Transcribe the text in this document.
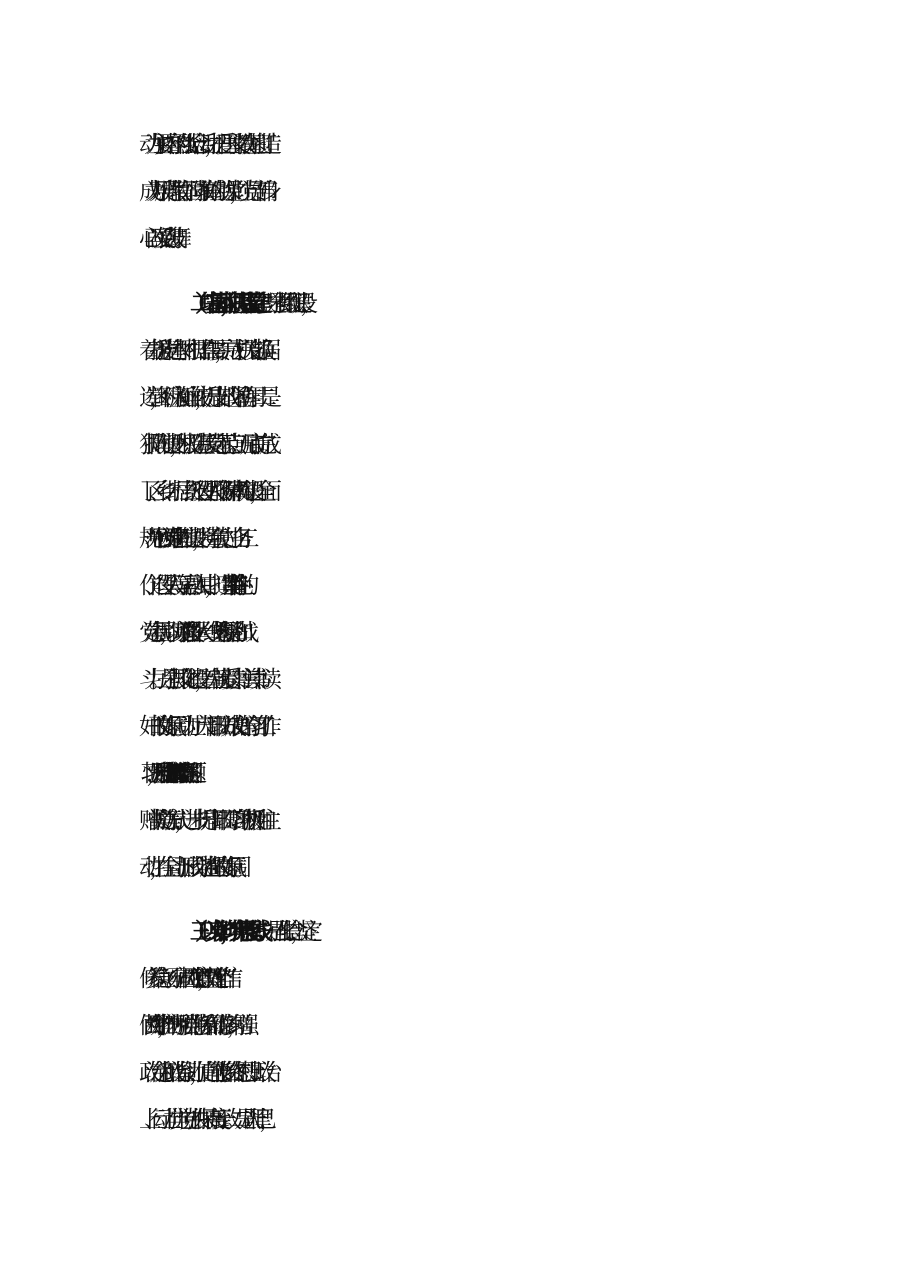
动为主要内容的烈士纪念活动，把爱国主义教育基地打造
成为开展党性教育、国防教育的生动课堂，让党员干部身
心再次受到鼓舞。
（二）培基固本，狠抓基层党建。一是狠抓组织建设，
着力提升党建水平。根据工作需要，完成了机关支部换届
选举，不断注入新鲜血液，提升支部战斗堡垒作用。二是
狠抓阵地建设，积极打造基层党建示范点。五月底前完成
了区、乡街、村居三级退役军人服务保障机构建设，全面
规范“一中心两站”党建阵地建设，将党章党史、业务工
作、退役军人等元素融入其中，打造具有“军”字特色的
党建氛围，切实增强“退役军人一线堡垒”的凝聚力和战
斗力。三是狠抓文化建设，着力营造爱读书、善读书、读
好书的良好氛围。为让广大干部职工养成良好的学习工作
习惯，局党支部依托学习强国 APP 开展积分评比、竞赛答题、
赠书奖励等方式，进一步提升干部职工学习的积极性和主
动性，在全局上下形成比学赶超的良好氛围。
（三）以身作则，筑牢思想防线。一是强化信念，坚定
修养稳立场。牢固树立“四个意识”，坚定“四个自信”
做到“两个维护”，不断加强党性修养和品德修养，增强
政治定力和政治鉴别力，使自己能够始终在思想上、政治
上、行动上自觉与党中央保持高度一致。二是从严律己，
